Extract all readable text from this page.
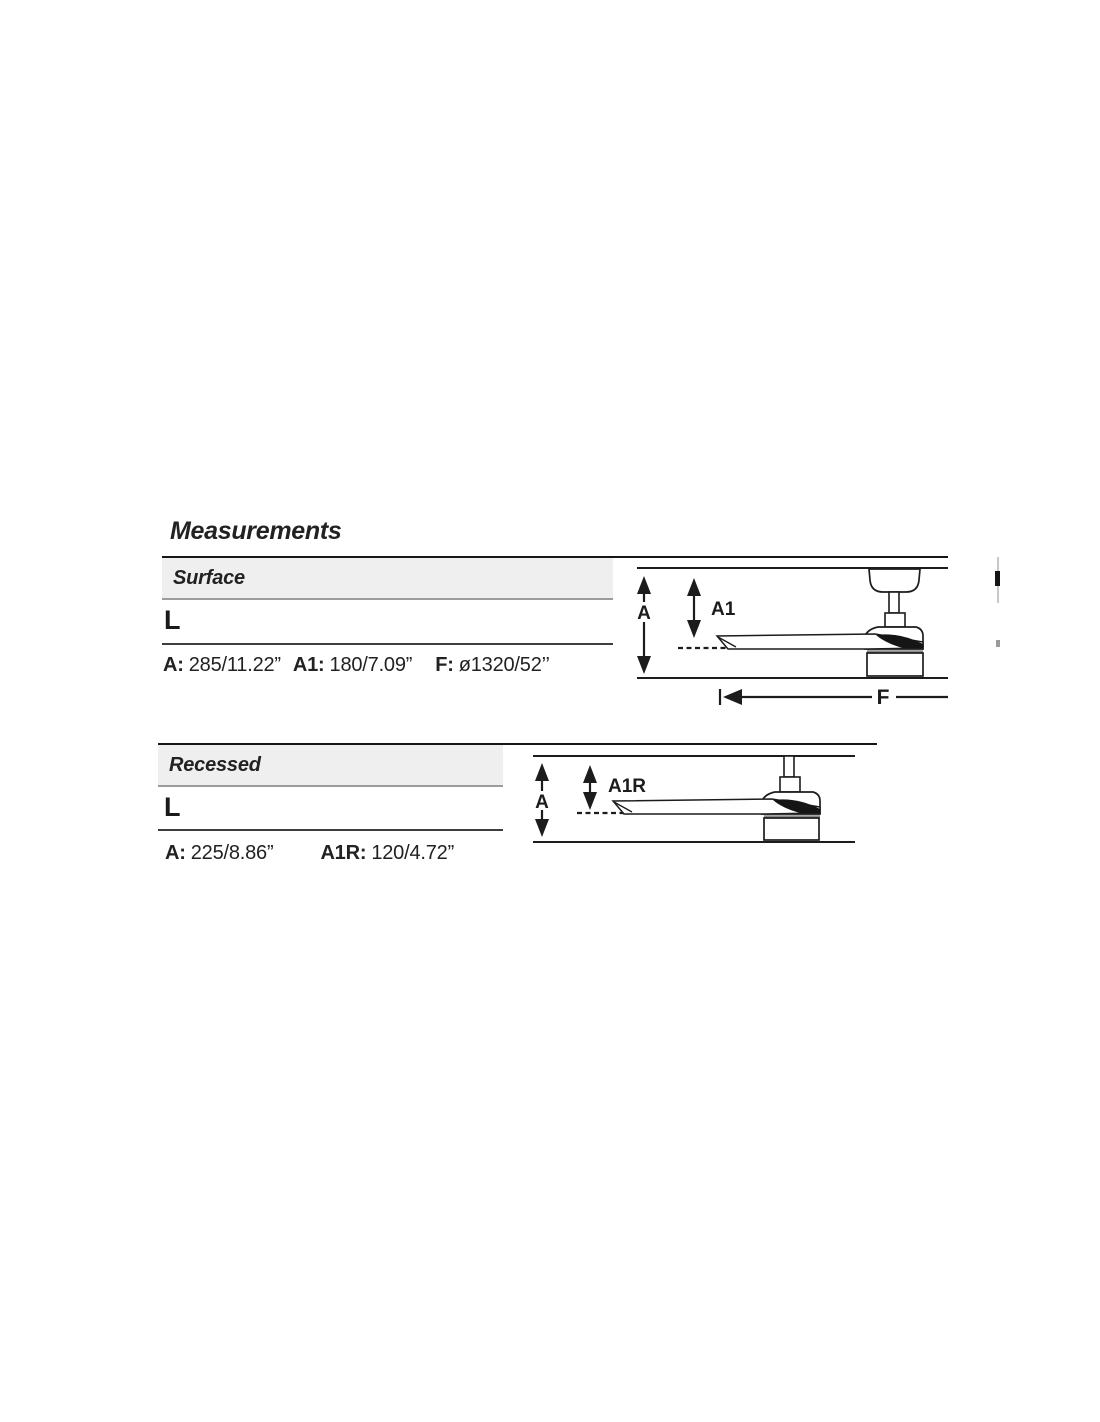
Measurements
Surface
L
A: 285/11.22” A1: 180/7.09” F: ø1320/52’’
A	A1
F
Recessed
L
A: 225/8.86” A1R: 120/4.72”
A
A1R
